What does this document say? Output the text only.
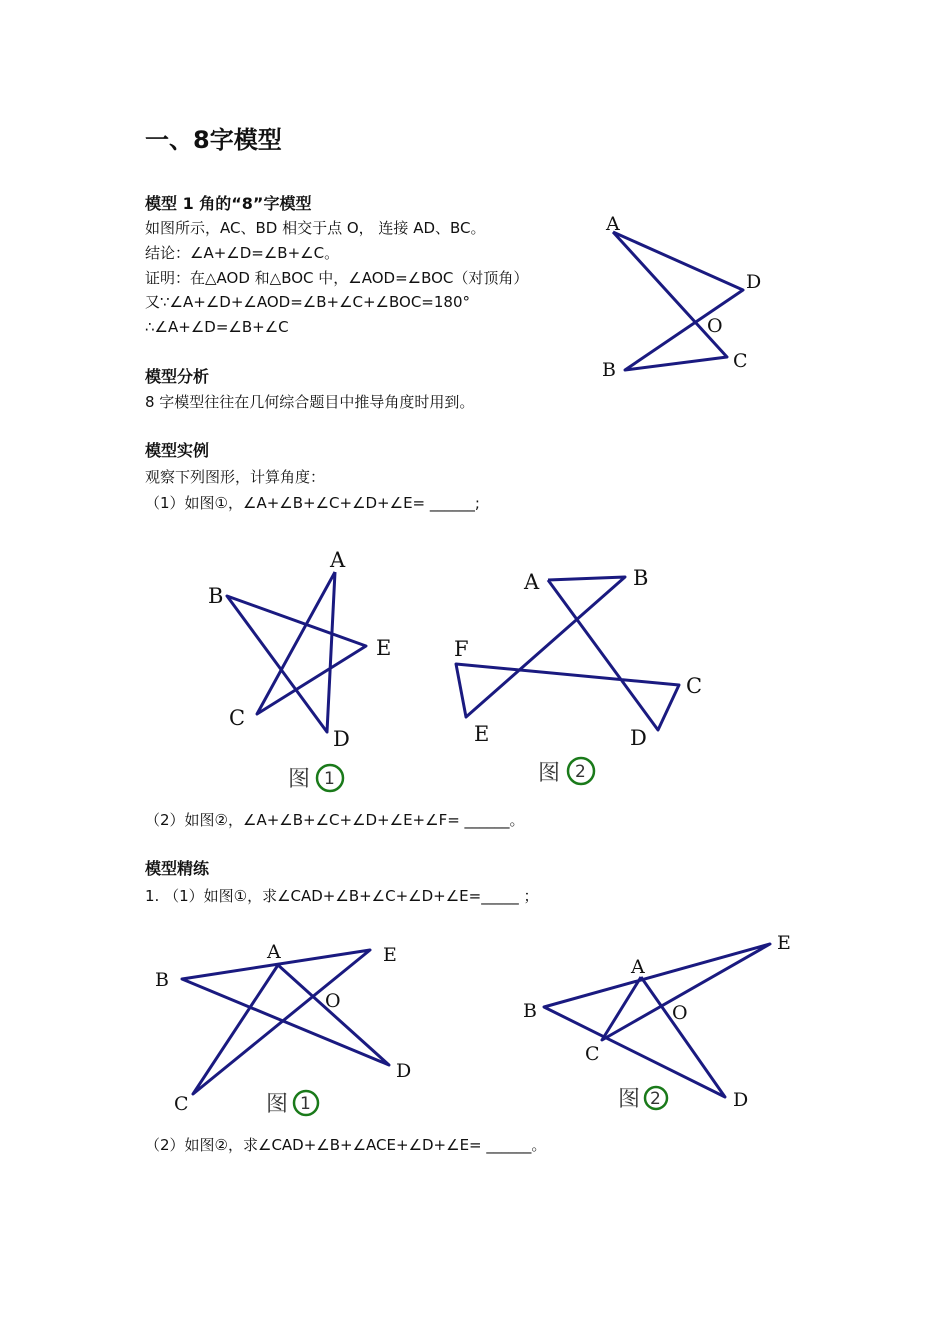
一、8字模型
模型 1 角的“8”字模型
如图所示，AC、BD 相交于点 O， 连接 AD、BC。
结论：∠A+∠D=∠B+∠C。
证明：在△AOD 和△BOC 中，∠AOD=∠BOC（对顶角）
又∵∠A+∠D+∠AOD=∠B+∠C+∠BOC=180°
∴∠A+∠D=∠B+∠C
A
D
O
C
B
模型分析
8 字模型往往在几何综合题目中推导角度时用到。
模型实例
观察下列图形，计算角度：
（1）如图①，∠A+∠B+∠C+∠D+∠E= ______;
A
B
E
C
D
图 1
A	B
F
C
E	D
图 2
（2）如图②，∠A+∠B+∠C+∠D+∠E+∠F= ______。
模型精练
1. （1）如图①，求∠CAD+∠B+∠C+∠D+∠E=_____ ；
A
B
E
O
D
C	图 1
A
E
B	O
C
D
图 2
（2）如图②，求∠CAD+∠B+∠ACE+∠D+∠E= ______。
